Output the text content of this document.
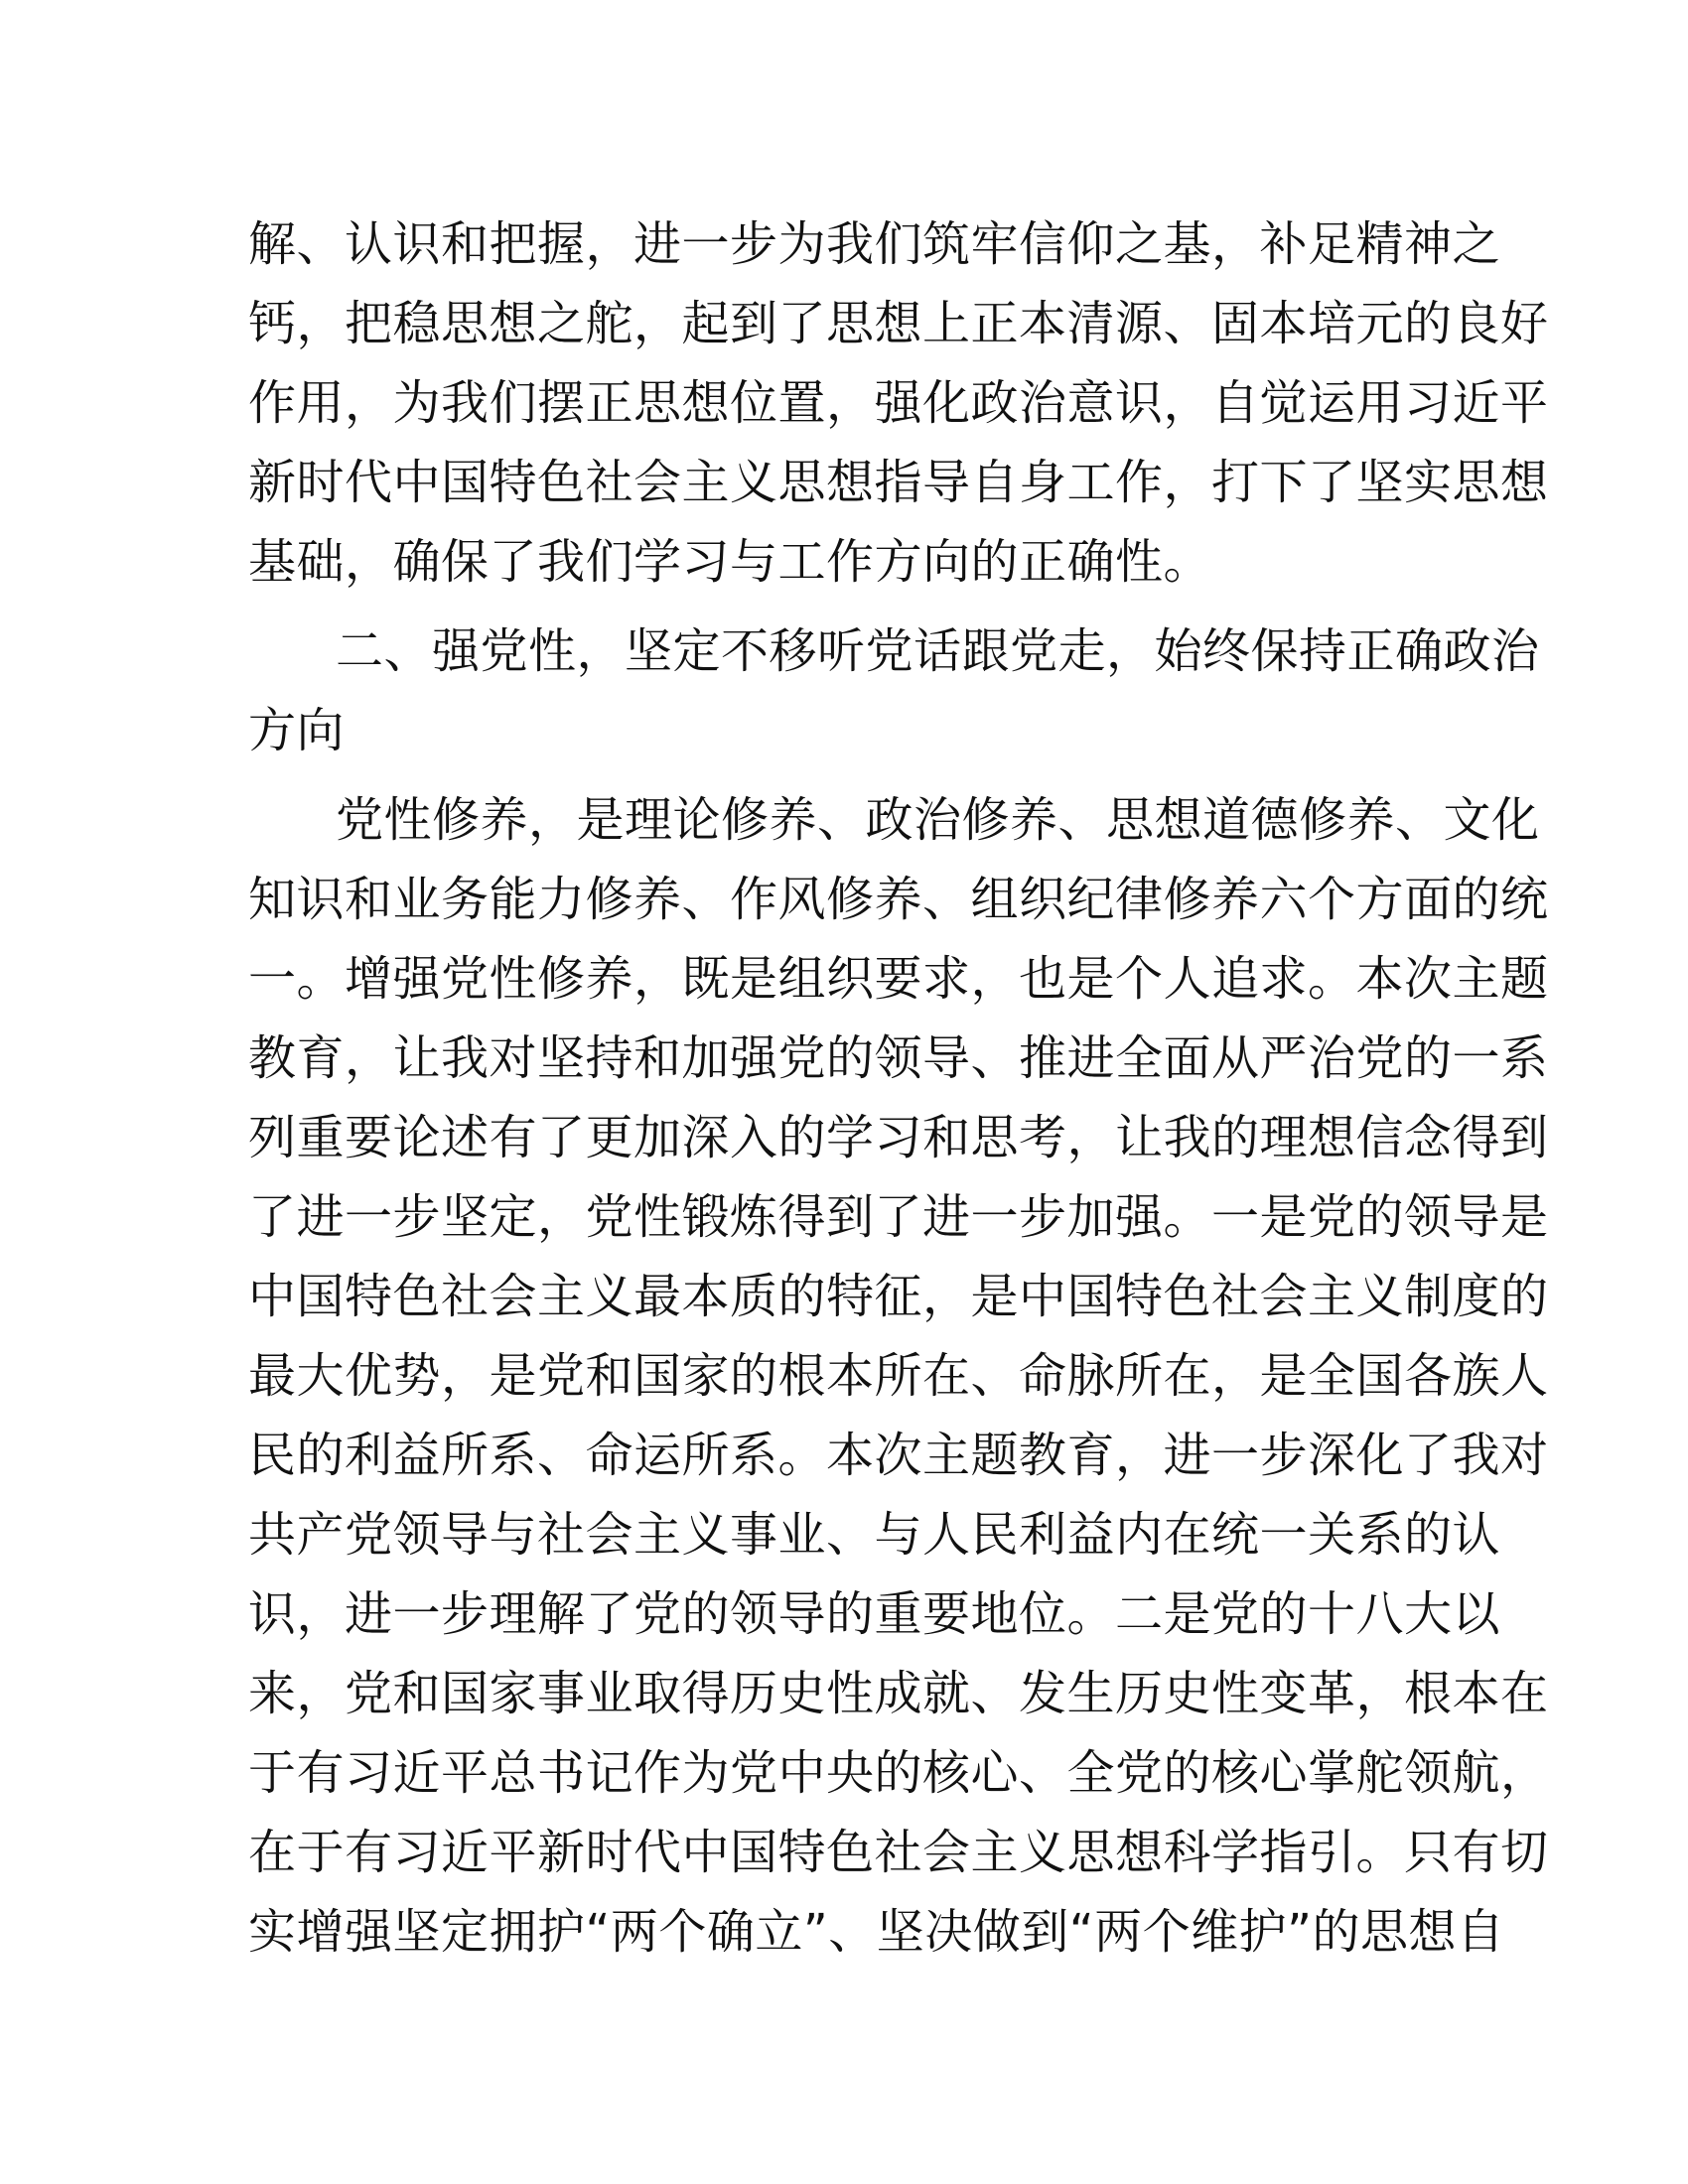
解、认识和把握，进一步为我们筑牢信仰之基，补足精神之
钙，把稳思想之舵，起到了思想上正本清源、固本培元的良好
作用，为我们摆正思想位置，强化政治意识，自觉运用习近平
新时代中国特色社会主义思想指导自身工作，打下了坚实思想
基础，确保了我们学习与工作方向的正确性。
二、强党性，坚定不移听党话跟党走，始终保持正确政治
方向
党性修养，是理论修养、政治修养、思想道德修养、文化
知识和业务能力修养、作风修养、组织纪律修养六个方面的统
一。增强党性修养，既是组织要求，也是个人追求。本次主题
教育，让我对坚持和加强党的领导、推进全面从严治党的一系
列重要论述有了更加深入的学习和思考，让我的理想信念得到
了进一步坚定，党性锻炼得到了进一步加强。一是党的领导是
中国特色社会主义最本质的特征，是中国特色社会主义制度的
最大优势，是党和国家的根本所在、命脉所在，是全国各族人
民的利益所系、命运所系。本次主题教育，进一步深化了我对
共产党领导与社会主义事业、与人民利益内在统一关系的认
识，进一步理解了党的领导的重要地位。二是党的十八大以
来，党和国家事业取得历史性成就、发生历史性变革，根本在
于有习近平总书记作为党中央的核心、全党的核心掌舵领航，
在于有习近平新时代中国特色社会主义思想科学指引。只有切
实增强坚定拥护“两个确立”、坚决做到“两个维护”的思想自
